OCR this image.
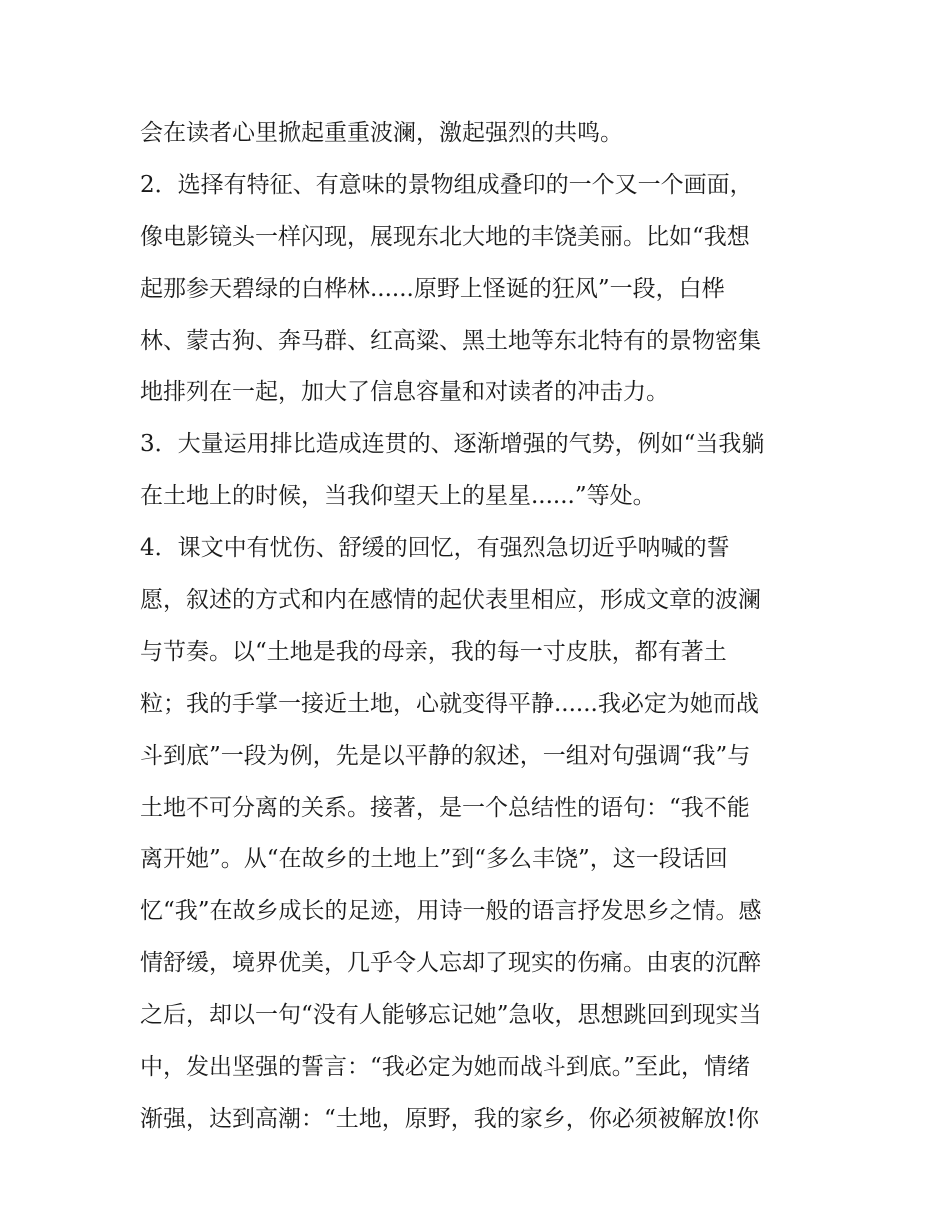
会在读者心里掀起重重波澜，激起强烈的共鸣。
2．选择有特征、有意味的景物组成叠印的一个又一个画面，
像电影镜头一样闪现，展现东北大地的丰饶美丽。比如“我想
起那参天碧绿的白桦林......原野上怪诞的狂风”一段，白桦
林、蒙古狗、奔马群、红高粱、黑土地等东北特有的景物密集
地排列在一起，加大了信息容量和对读者的冲击力。
3．大量运用排比造成连贯的、逐渐增强的气势，例如“当我躺
在土地上的时候，当我仰望天上的星星......”等处。
4．课文中有忧伤、舒缓的回忆，有强烈急切近乎呐喊的誓
愿，叙述的方式和内在感情的起伏表里相应，形成文章的波澜
与节奏。以“土地是我的母亲，我的每一寸皮肤，都有著土
粒；我的手掌一接近土地，心就变得平静......我必定为她而战
斗到底”一段为例，先是以平静的叙述，一组对句强调“我”与
土地不可分离的关系。接著，是一个总结性的语句：“我不能
离开她”。从“在故乡的土地上”到“多么丰饶”，这一段话回
忆“我”在故乡成长的足迹，用诗一般的语言抒发思乡之情。感
情舒缓，境界优美，几乎令人忘却了现实的伤痛。由衷的沉醉
之后，却以一句“没有人能够忘记她”急收，思想跳回到现实当
中，发出坚强的誓言：“我必定为她而战斗到底。”至此，情绪
渐强，达到高潮：“土地，原野，我的家乡，你必须被解放!你
